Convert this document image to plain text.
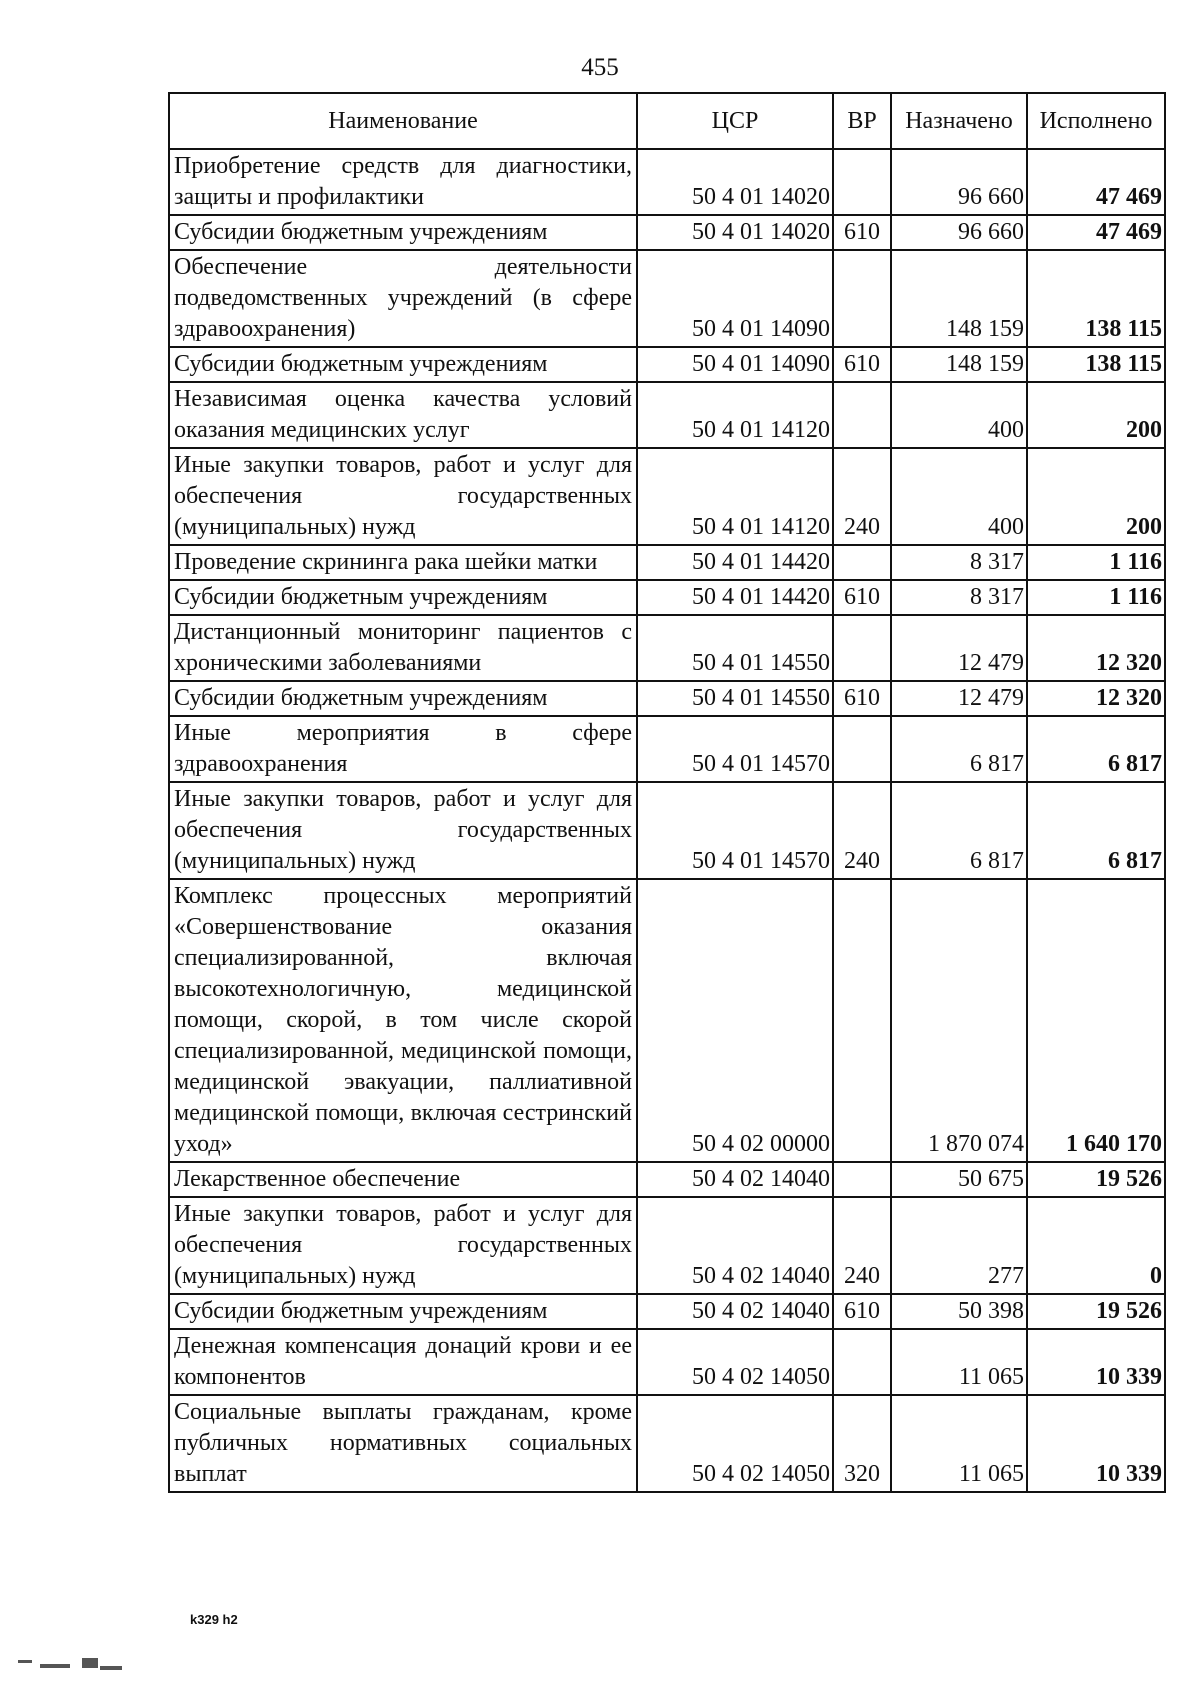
455
Наименование	ЦСР	ВР	Назначено	Исполнено
Приобретение средств для диагностики, защиты и профилактики	50 4 01 14020		96 660	47 469
Субсидии бюджетным учреждениям	50 4 01 14020	610	96 660	47 469
Обеспечение деятельности подведомственных учреждений (в сфере здравоохранения)	50 4 01 14090		148 159	138 115
Субсидии бюджетным учреждениям	50 4 01 14090	610	148 159	138 115
Независимая оценка качества условий оказания медицинских услуг	50 4 01 14120		400	200
Иные закупки товаров, работ и услуг для обеспечения государственных (муниципальных) нужд	50 4 01 14120	240	400	200
Проведение скрининга рака шейки матки	50 4 01 14420		8 317	1 116
Субсидии бюджетным учреждениям	50 4 01 14420	610	8 317	1 116
Дистанционный мониторинг пациентов с хроническими заболеваниями	50 4 01 14550		12 479	12 320
Субсидии бюджетным учреждениям	50 4 01 14550	610	12 479	12 320
Иные мероприятия в сфере здравоохранения	50 4 01 14570		6 817	6 817
Иные закупки товаров, работ и услуг для обеспечения государственных (муниципальных) нужд	50 4 01 14570	240	6 817	6 817
Комплекс процессных мероприятий «Совершенствование оказания специализированной, включая высокотехнологичную, медицинской помощи, скорой, в том числе скорой специализированной, медицинской помощи, медицинской эвакуации, паллиативной медицинской помощи, включая сестринский уход»	50 4 02 00000		1 870 074	1 640 170
Лекарственное обеспечение	50 4 02 14040		50 675	19 526
Иные закупки товаров, работ и услуг для обеспечения государственных (муниципальных) нужд	50 4 02 14040	240	277	0
Субсидии бюджетным учреждениям	50 4 02 14040	610	50 398	19 526
Денежная компенсация донаций крови и ее компонентов	50 4 02 14050		11 065	10 339
Социальные выплаты гражданам, кроме публичных нормативных социальных выплат	50 4 02 14050	320	11 065	10 339
k329 h2
